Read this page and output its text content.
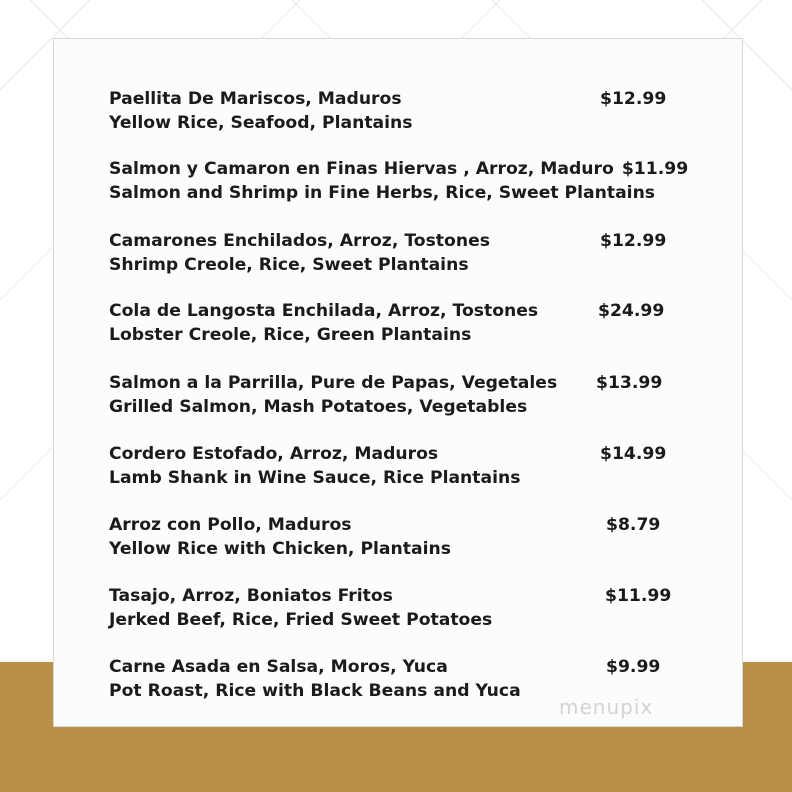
Paellita De Mariscos, Maduros
Yellow Rice, Seafood, Plantains
$12.99
Salmon y Camaron en Finas Hiervas , Arroz, Maduro $11.99
Salmon and Shrimp in Fine Herbs, Rice, Sweet Plantains
Camarones Enchilados, Arroz, Tostones
Shrimp Creole, Rice, Sweet Plantains
$12.99
Cola de Langosta Enchilada, Arroz, Tostones
Lobster Creole, Rice, Green Plantains
$24.99
Salmon a la Parrilla, Pure de Papas, Vegetales
Grilled Salmon, Mash Potatoes, Vegetables
$13.99
Cordero Estofado, Arroz, Maduros
Lamb Shank in Wine Sauce, Rice Plantains
$14.99
Arroz con Pollo, Maduros
Yellow Rice with Chicken, Plantains
$8.79
Tasajo, Arroz, Boniatos Fritos
Jerked Beef, Rice, Fried Sweet Potatoes
$11.99
Carne Asada en Salsa, Moros, Yuca
Pot Roast, Rice with Black Beans and Yuca
$9.99
menupix
